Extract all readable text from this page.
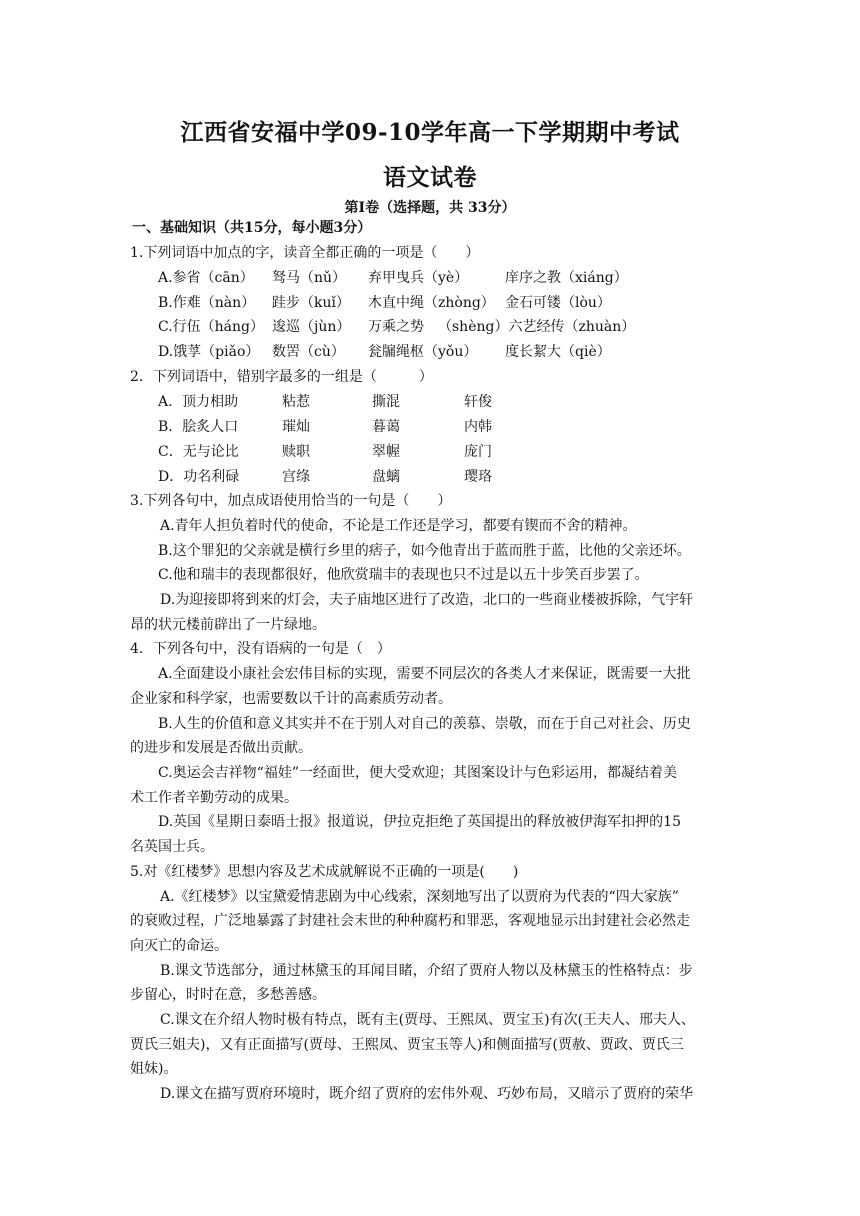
江西省安福中学09-10学年高一下学期期中考试
语文试卷
第Ⅰ卷（选择题，共 33分）
一、基础知识（共15分，每小题3分）
1.下列词语中加点的字，读音全都正确的一项是（　　）
A.参省（cān） 驽马（nǔ） 弃甲曳兵（yè）	庠序之教（xiáng）
B.作难（nàn） 跬步（kuǐ） 木直中绳（zhòng） 金石可镂（lòu）
C.行伍（háng） 逡巡（jùn） 万乘之势 （shèng）六艺经传（zhuàn）
D.饿莩（piǎo） 数罟（cù） 瓮牖绳枢（yǒu） 度长絜大（qiè）
2．下列词语中，错别字最多的一组是（　　　）
A．顶力相助	粘惹	撕混	轩俊
B．脍炙人口	璀灿	暮蔼	内韩
C．无与论比	赎职	翠幄	庞门
D．功名利碌	宫绦	盘螭	璎珞
3.下列各句中，加点成语使用恰当的一句是（　　）
A.青年人担负着时代的使命，不论是工作还是学习，都要有锲而不舍的精神。
B.这个罪犯的父亲就是横行乡里的痞子，如今他青出于蓝而胜于蓝，比他的父亲还坏。
C.他和瑞丰的表现都很好，他欣赏瑞丰的表现也只不过是以五十步笑百步罢了。
D.为迎接即将到来的灯会，夫子庙地区进行了改造，北口的一些商业楼被拆除，气宇轩
昂的状元楼前辟出了一片绿地。
4．下列各句中，没有语病的一句是（　）
A.全面建设小康社会宏伟目标的实现，需要不同层次的各类人才来保证，既需要一大批
企业家和科学家，也需要数以千计的高素质劳动者。
B.人生的价值和意义其实并不在于别人对自己的羡慕、崇敬，而在于自己对社会、历史
的进步和发展是否做出贡献。
C.奥运会吉祥物“福娃”一经面世，便大受欢迎；其图案设计与色彩运用，都凝结着美
术工作者辛勤劳动的成果。
D.英国《星期日泰晤士报》报道说，伊拉克拒绝了英国提出的释放被伊海军扣押的15
名英国士兵。
5.对《红楼梦》思想内容及艺术成就解说不正确的一项是(　　)
A.《红楼梦》以宝黛爱情悲剧为中心线索，深刻地写出了以贾府为代表的“四大家族”
的衰败过程，广泛地暴露了封建社会末世的种种腐朽和罪恶，客观地显示出封建社会必然走
向灭亡的命运。
B.课文节选部分，通过林黛玉的耳闻目睹，介绍了贾府人物以及林黛玉的性格特点：步
步留心，时时在意，多愁善感。
C.课文在介绍人物时极有特点，既有主(贾母、王熙凤、贾宝玉)有次(王夫人、邢夫人、
贾氏三姐夫)，又有正面描写(贾母、王熙凤、贾宝玉等人)和侧面描写(贾赦、贾政、贾氏三
姐妹)。
D.课文在描写贾府环境时，既介绍了贾府的宏伟外观、巧妙布局，又暗示了贾府的荣华
